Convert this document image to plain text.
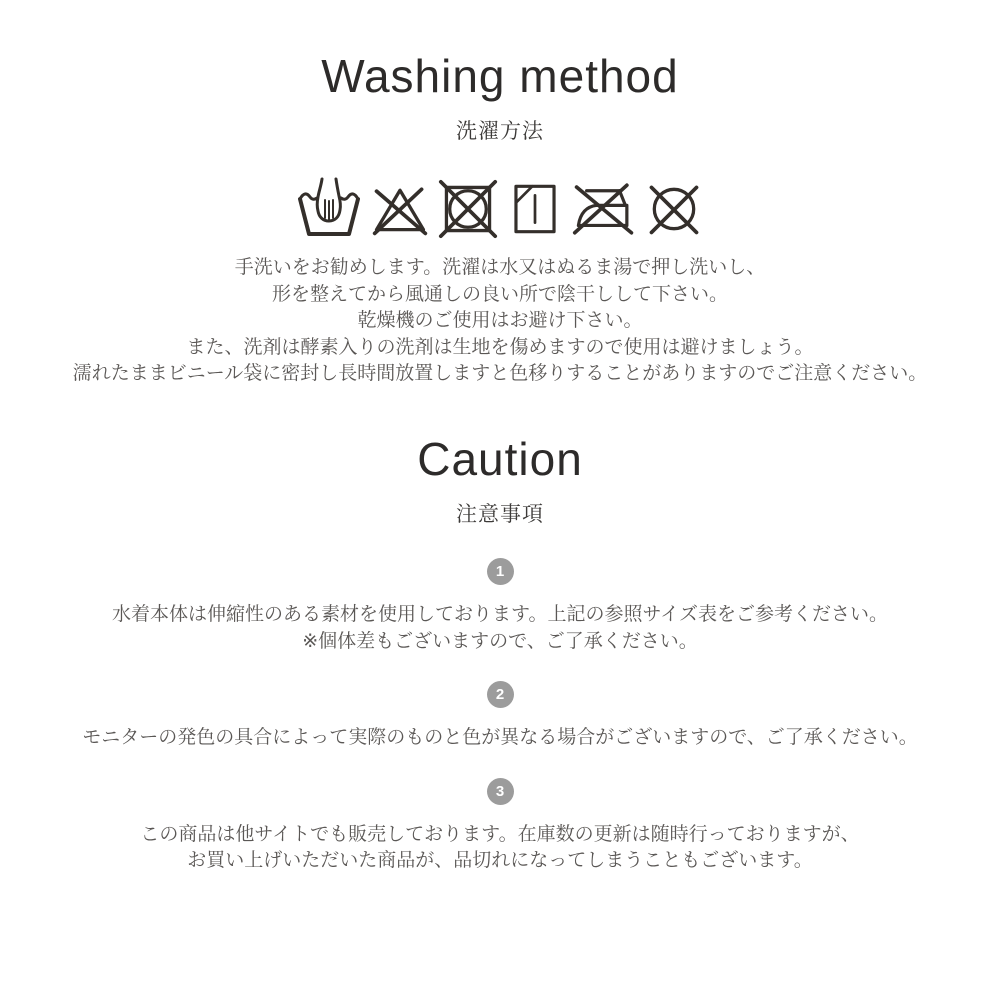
Washing method
洗濯方法
手洗いをお勧めします。洗濯は水又はぬるま湯で押し洗いし、
形を整えてから風通しの良い所で陰干しして下さい。
乾燥機のご使用はお避け下さい。
また、洗剤は酵素入りの洗剤は生地を傷めますので使用は避けましょう。
濡れたままビニール袋に密封し長時間放置しますと色移りすることがありますのでご注意ください。
Caution
注意事項
1
水着本体は伸縮性のある素材を使用しております。上記の参照サイズ表をご参考ください。
※個体差もございますので、ご了承ください。
2
モニターの発色の具合によって実際のものと色が異なる場合がございますので、ご了承ください。
3
この商品は他サイトでも販売しております。在庫数の更新は随時行っておりますが、
お買い上げいただいた商品が、品切れになってしまうこともございます。
